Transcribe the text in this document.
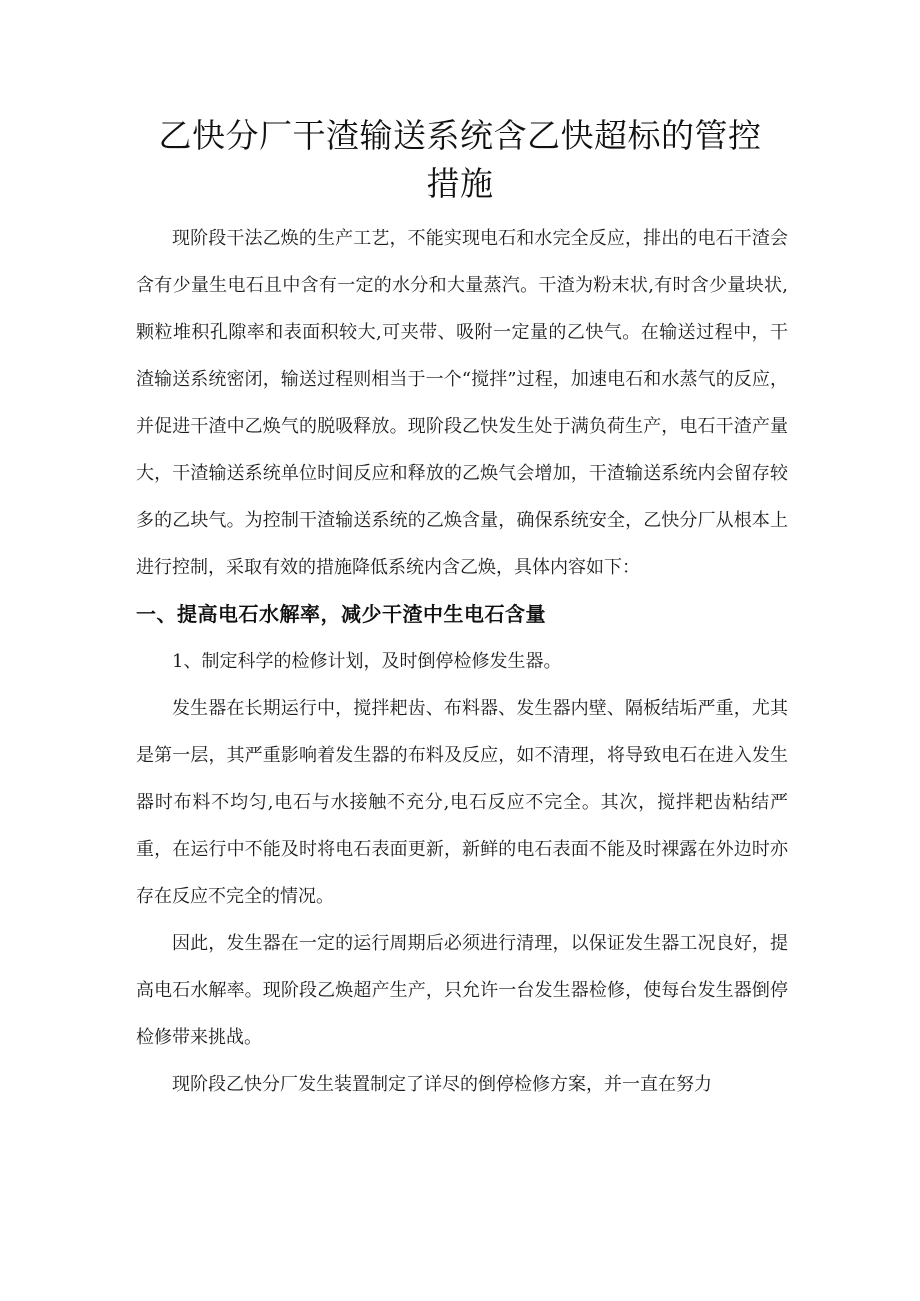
乙快分厂干渣输送系统含乙快超标的管控
措施

现阶段干法乙焕的生产工艺，不能实现电石和水完全反应，排出的电石干渣会含有少量生电石且中含有一定的水分和大量蒸汽。干渣为粉末状,有时含少量块状,颗粒堆积孔隙率和表面积较大,可夹带、吸附一定量的乙快气。在输送过程中，干渣输送系统密闭，输送过程则相当于一个“搅拌”过程，加速电石和水蒸气的反应，并促进干渣中乙焕气的脱吸释放。现阶段乙快发生处于满负荷生产，电石干渣产量大，干渣输送系统单位时间反应和释放的乙焕气会增加，干渣输送系统内会留存较多的乙块气。为控制干渣输送系统的乙焕含量，确保系统安全，乙快分厂从根本上进行控制，采取有效的措施降低系统内含乙焕，具体内容如下：

一、提高电石水解率，减少干渣中生电石含量

1、制定科学的检修计划，及时倒停检修发生器。

发生器在长期运行中，搅拌耙齿、布料器、发生器内壁、隔板结垢严重，尤其是第一层，其严重影响着发生器的布料及反应，如不清理，将导致电石在进入发生器时布料不均匀,电石与水接触不充分,电石反应不完全。其次，搅拌耙齿粘结严重，在运行中不能及时将电石表面更新，新鲜的电石表面不能及时裸露在外边时亦存在反应不完全的情况。

因此，发生器在一定的运行周期后必须进行清理，以保证发生器工况良好，提高电石水解率。现阶段乙焕超产生产，只允许一台发生器检修，使每台发生器倒停检修带来挑战。

现阶段乙快分厂发生装置制定了详尽的倒停检修方案，并一直在努力
